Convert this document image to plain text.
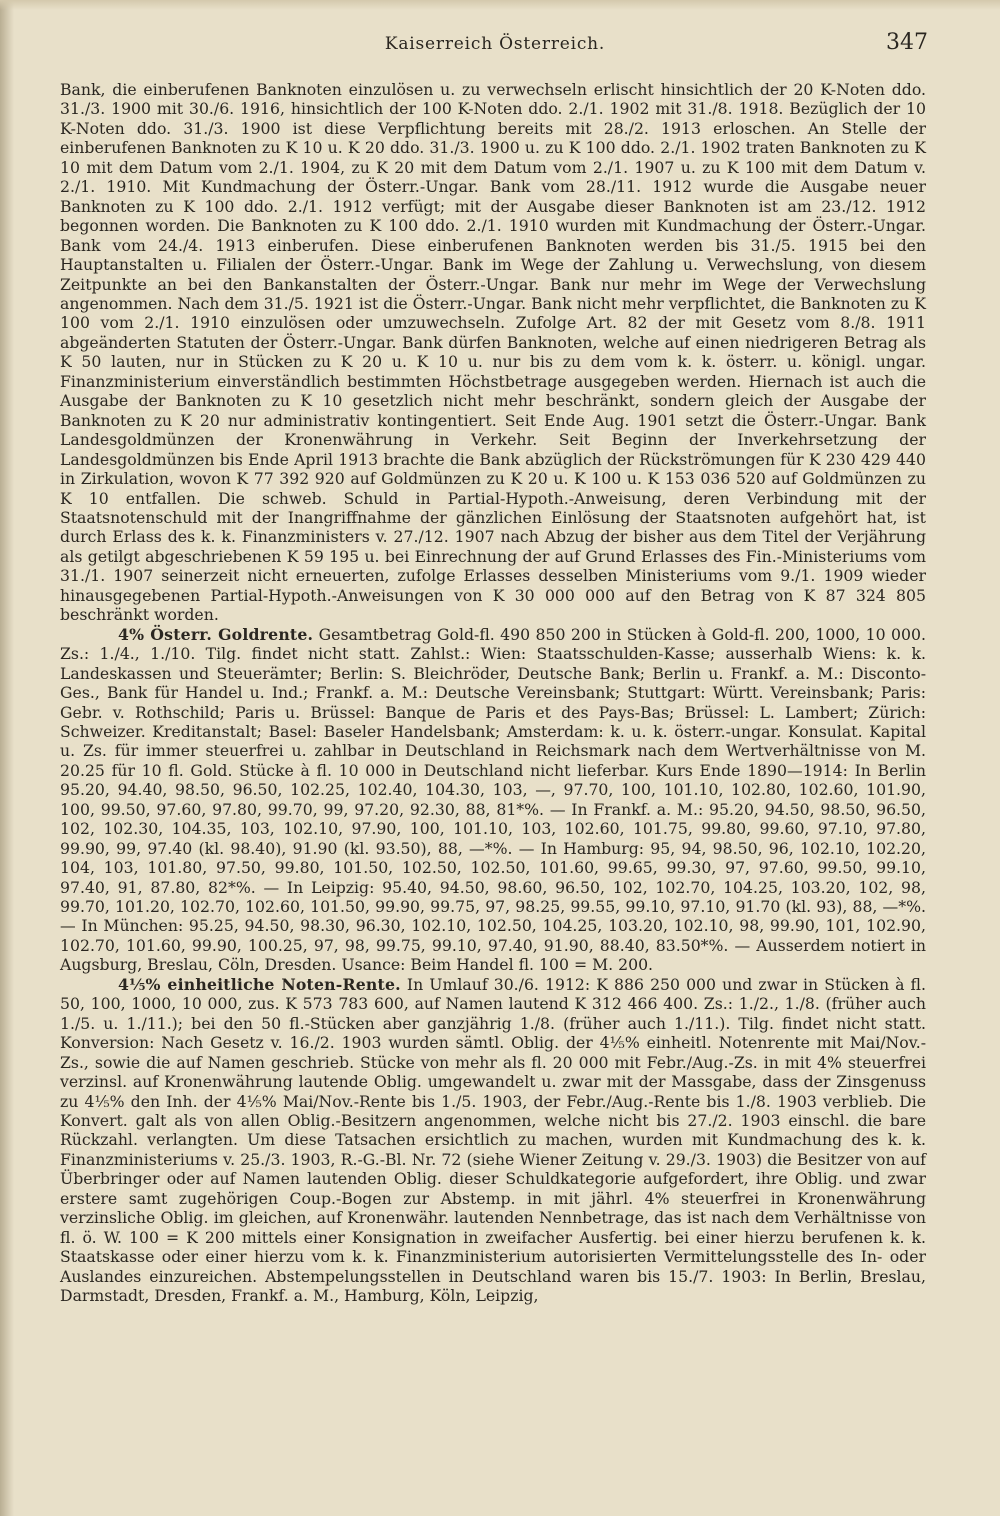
Kaiserreich Österreich.	347

Bank, die einberufenen Banknoten einzulösen u. zu verwechseln erlischt hinsichtlich der 20 K-Noten ddo. 31./3. 1900 mit 30./6. 1916, hinsichtlich der 100 K-Noten ddo. 2./1. 1902 mit 31./8. 1918. Bezüglich der 10 K-Noten ddo. 31./3. 1900 ist diese Verpflichtung bereits mit 28./2. 1913 erloschen. An Stelle der einberufenen Banknoten zu K 10 u. K 20 ddo. 31./3. 1900 u. zu K 100 ddo. 2./1. 1902 traten Banknoten zu K 10 mit dem Datum vom 2./1. 1904, zu K 20 mit dem Datum vom 2./1. 1907 u. zu K 100 mit dem Datum v. 2./1. 1910. Mit Kundmachung der Österr.-Ungar. Bank vom 28./11. 1912 wurde die Ausgabe neuer Banknoten zu K 100 ddo. 2./1. 1912 verfügt; mit der Ausgabe dieser Banknoten ist am 23./12. 1912 begonnen worden. Die Banknoten zu K 100 ddo. 2./1. 1910 wurden mit Kundmachung der Österr.-Ungar. Bank vom 24./4. 1913 einberufen. Diese einberufenen Banknoten werden bis 31./5. 1915 bei den Hauptanstalten u. Filialen der Österr.-Ungar. Bank im Wege der Zahlung u. Verwechslung, von diesem Zeitpunkte an bei den Bankanstalten der Österr.-Ungar. Bank nur mehr im Wege der Verwechslung angenommen. Nach dem 31./5. 1921 ist die Österr.-Ungar. Bank nicht mehr verpflichtet, die Banknoten zu K 100 vom 2./1. 1910 einzulösen oder umzuwechseln. Zufolge Art. 82 der mit Gesetz vom 8./8. 1911 abgeänderten Statuten der Österr.-Ungar. Bank dürfen Banknoten, welche auf einen niedrigeren Betrag als K 50 lauten, nur in Stücken zu K 20 u. K 10 u. nur bis zu dem vom k. k. österr. u. königl. ungar. Finanzministerium einverständlich bestimmten Höchstbetrage ausgegeben werden. Hiernach ist auch die Ausgabe der Banknoten zu K 10 gesetzlich nicht mehr beschränkt, sondern gleich der Ausgabe der Banknoten zu K 20 nur administrativ kontingentiert. Seit Ende Aug. 1901 setzt die Österr.-Ungar. Bank Landesgoldmünzen der Kronenwährung in Verkehr. Seit Beginn der Inverkehrsetzung der Landesgoldmünzen bis Ende April 1913 brachte die Bank abzüglich der Rückströmungen für K 230 429 440 in Zirkulation, wovon K 77 392 920 auf Goldmünzen zu K 20 u. K 100 u. K 153 036 520 auf Goldmünzen zu K 10 entfallen. Die schweb. Schuld in Partial-Hypoth.-Anweisung, deren Verbindung mit der Staatsnotenschuld mit der Inangriffnahme der gänzlichen Einlösung der Staatsnoten aufgehört hat, ist durch Erlass des k. k. Finanzministers v. 27./12. 1907 nach Abzug der bisher aus dem Titel der Verjährung als getilgt abgeschriebenen K 59 195 u. bei Einrechnung der auf Grund Erlasses des Fin.-Ministeriums vom 31./1. 1907 seinerzeit nicht erneuerten, zufolge Erlasses desselben Ministeriums vom 9./1. 1909 wieder hinausgegebenen Partial-Hypoth.-Anweisungen von K 30 000 000 auf den Betrag von K 87 324 805 beschränkt worden.

4% Österr. Goldrente. Gesamtbetrag Gold-fl. 490 850 200 in Stücken à Gold-fl. 200, 1000, 10 000. Zs.: 1./4., 1./10. Tilg. findet nicht statt. Zahlst.: Wien: Staatsschulden-Kasse; ausserhalb Wiens: k. k. Landeskassen und Steuerämter; Berlin: S. Bleichröder, Deutsche Bank; Berlin u. Frankf. a. M.: Disconto-Ges., Bank für Handel u. Ind.; Frankf. a. M.: Deutsche Vereinsbank; Stuttgart: Württ. Vereinsbank; Paris: Gebr. v. Rothschild; Paris u. Brüssel: Banque de Paris et des Pays-Bas; Brüssel: L. Lambert; Zürich: Schweizer. Kreditanstalt; Basel: Baseler Handelsbank; Amsterdam: k. u. k. österr.-ungar. Konsulat. Kapital u. Zs. für immer steuerfrei u. zahlbar in Deutschland in Reichsmark nach dem Wertverhältnisse von M. 20.25 für 10 fl. Gold. Stücke à fl. 10 000 in Deutschland nicht lieferbar. Kurs Ende 1890—1914: In Berlin 95.20, 94.40, 98.50, 96.50, 102.25, 102.40, 104.30, 103, —, 97.70, 100, 101.10, 102.80, 102.60, 101.90, 100, 99.50, 97.60, 97.80, 99.70, 99, 97.20, 92.30, 88, 81*%. — In Frankf. a. M.: 95.20, 94.50, 98.50, 96.50, 102, 102.30, 104.35, 103, 102.10, 97.90, 100, 101.10, 103, 102.60, 101.75, 99.80, 99.60, 97.10, 97.80, 99.90, 99, 97.40 (kl. 98.40), 91.90 (kl. 93.50), 88, —*%. — In Hamburg: 95, 94, 98.50, 96, 102.10, 102.20, 104, 103, 101.80, 97.50, 99.80, 101.50, 102.50, 102.50, 101.60, 99.65, 99.30, 97, 97.60, 99.50, 99.10, 97.40, 91, 87.80, 82*%. — In Leipzig: 95.40, 94.50, 98.60, 96.50, 102, 102.70, 104.25, 103.20, 102, 98, 99.70, 101.20, 102.70, 102.60, 101.50, 99.90, 99.75, 97, 98.25, 99.55, 99.10, 97.10, 91.70 (kl. 93), 88, —*%. — In München: 95.25, 94.50, 98.30, 96.30, 102.10, 102.50, 104.25, 103.20, 102.10, 98, 99.90, 101, 102.90, 102.70, 101.60, 99.90, 100.25, 97, 98, 99.75, 99.10, 97.40, 91.90, 88.40, 83.50*%. — Ausserdem notiert in Augsburg, Breslau, Cöln, Dresden. Usance: Beim Handel fl. 100 = M. 200.

4⅕% einheitliche Noten-Rente. In Umlauf 30./6. 1912: K 886 250 000 und zwar in Stücken à fl. 50, 100, 1000, 10 000, zus. K 573 783 600, auf Namen lautend K 312 466 400. Zs.: 1./2., 1./8. (früher auch 1./5. u. 1./11.); bei den 50 fl.-Stücken aber ganzjährig 1./8. (früher auch 1./11.). Tilg. findet nicht statt. Konversion: Nach Gesetz v. 16./2. 1903 wurden sämtl. Oblig. der 4⅕% einheitl. Notenrente mit Mai/Nov.-Zs., sowie die auf Namen geschrieb. Stücke von mehr als fl. 20 000 mit Febr./Aug.-Zs. in mit 4% steuerfrei verzinsl. auf Kronenwährung lautende Oblig. umgewandelt u. zwar mit der Massgabe, dass der Zinsgenuss zu 4⅕% den Inh. der 4⅕% Mai/Nov.-Rente bis 1./5. 1903, der Febr./Aug.-Rente bis 1./8. 1903 verblieb. Die Konvert. galt als von allen Oblig.-Besitzern angenommen, welche nicht bis 27./2. 1903 einschl. die bare Rückzahl. verlangten. Um diese Tatsachen ersichtlich zu machen, wurden mit Kundmachung des k. k. Finanzministeriums v. 25./3. 1903, R.-G.-Bl. Nr. 72 (siehe Wiener Zeitung v. 29./3. 1903) die Besitzer von auf Überbringer oder auf Namen lautenden Oblig. dieser Schuldkategorie aufgefordert, ihre Oblig. und zwar erstere samt zugehörigen Coup.-Bogen zur Abstemp. in mit jährl. 4% steuerfrei in Kronenwährung verzinsliche Oblig. im gleichen, auf Kronenwähr. lautenden Nennbetrage, das ist nach dem Verhältnisse von fl. ö. W. 100 = K 200 mittels einer Konsignation in zweifacher Ausfertig. bei einer hierzu berufenen k. k. Staatskasse oder einer hierzu vom k. k. Finanzministerium autorisierten Vermittelungsstelle des In- oder Auslandes einzureichen. Abstempelungsstellen in Deutschland waren bis 15./7. 1903: In Berlin, Breslau, Darmstadt, Dresden, Frankf. a. M., Hamburg, Köln, Leipzig,
